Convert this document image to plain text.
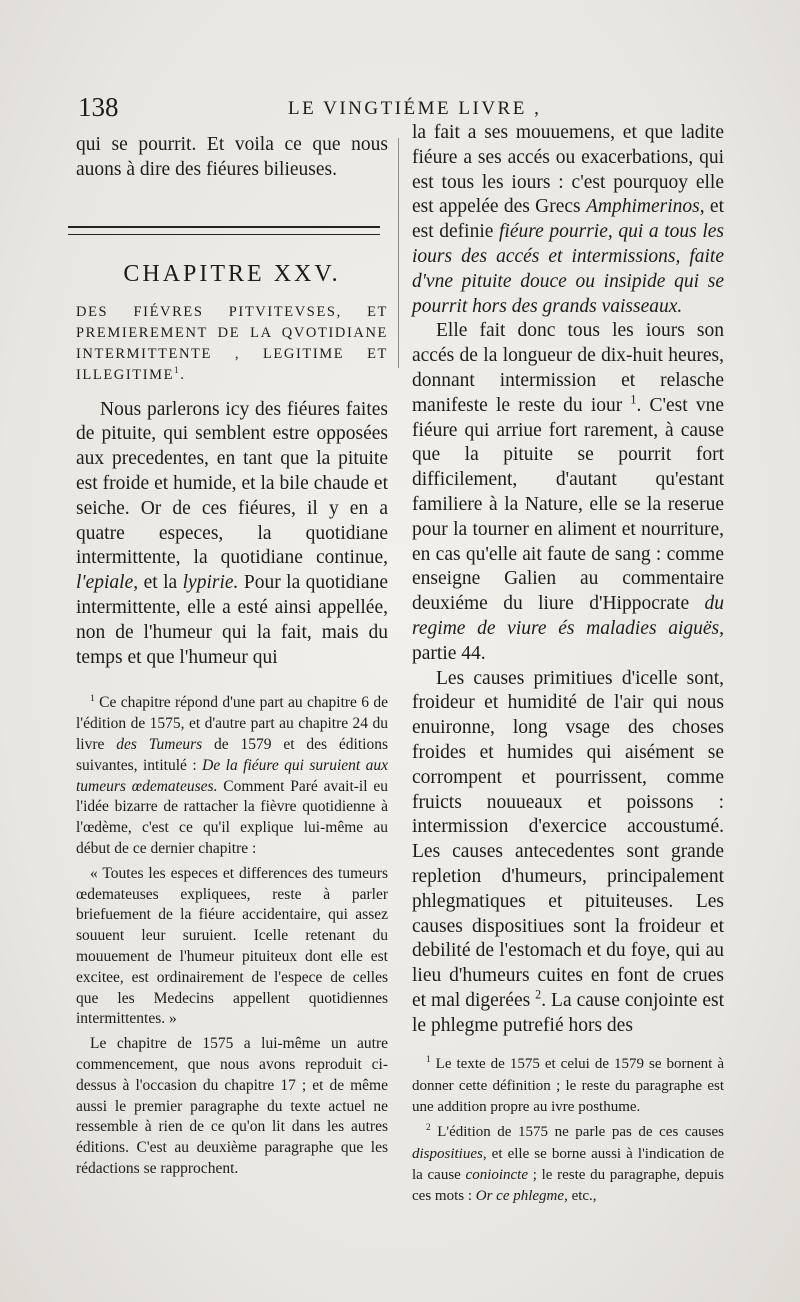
138	LE VINGTIÉME LIVRE ,

qui se pourrit. Et voila ce que nous auons à dire des fiéures bilieuses.

CHAPITRE XXV.

DES FIÉVRES PITVITEVSES, ET PREMIEREMENT DE LA QVOTIDIANE INTERMITTENTE , LEGITIME ET ILLEGITIME$^1$.

Nous parlerons icy des fiéures faites de pituite, qui semblent estre opposées aux precedentes, en tant que la pituite est froide et humide, et la bile chaude et seiche. Or de ces fiéures, il y en a quatre especes, la quotidiane intermittente, la quotidiane continue, l'epiale, et la lypirie. Pour la quotidiane intermittente, elle a esté ainsi appellée, non de l'humeur qui la fait, mais du temps et que l'humeur qui

$^1$ Ce chapitre répond d'une part au chapitre 6 de l'édition de 1575, et d'autre part au chapitre 24 du livre des Tumeurs de 1579 et des éditions suivantes, intitulé : De la fiéure qui suruient aux tumeurs œdemateuses. Comment Paré avait-il eu l'idée bizarre de rattacher la fièvre quotidienne à l'œdème, c'est ce qu'il explique lui-même au début de ce dernier chapitre :

« Toutes les especes et differences des tumeurs œdemateuses expliquees, reste à parler briefuement de la fiéure accidentaire, qui assez souuent leur suruient. Icelle retenant du mouuement de l'humeur pituiteux dont elle est excitee, est ordinairement de l'espece de celles que les Medecins appellent quotidiennes intermittentes. »

Le chapitre de 1575 a lui-même un autre commencement, que nous avons reproduit ci-dessus à l'occasion du chapitre 17 ; et de même aussi le premier paragraphe du texte actuel ne ressemble à rien de ce qu'on lit dans les autres éditions. C'est au deuxième paragraphe que les rédactions se rapprochent.

la fait a ses mouuemens, et que ladite fiéure a ses accés ou exacerbations, qui est tous les iours : c'est pourquoy elle est appelée des Grecs Amphimerinos, et est definie fiéure pourrie, qui a tous les iours des accés et intermissions, faite d'vne pituite douce ou insipide qui se pourrit hors des grands vaisseaux.

Elle fait donc tous les iours son accés de la longueur de dix-huit heures, donnant intermission et relasche manifeste le reste du iour $^1$. C'est vne fiéure qui arriue fort rarement, à cause que la pituite se pourrit fort difficilement, d'autant qu'estant familiere à la Nature, elle se la reserue pour la tourner en aliment et nourriture, en cas qu'elle ait faute de sang : comme enseigne Galien au commentaire deuxiéme du liure d'Hippocrate du regime de viure és maladies aiguës, partie 44.

Les causes primitiues d'icelle sont, froideur et humidité de l'air qui nous enuironne, long vsage des choses froides et humides qui aisément se corrompent et pourrissent, comme fruicts nouueaux et poissons : intermission d'exercice accoustumé. Les causes antecedentes sont grande repletion d'humeurs, principalement phlegmatiques et pituiteuses. Les causes dispositiues sont la froideur et debilité de l'estomach et du foye, qui au lieu d'humeurs cuites en font de crues et mal digerées $^2$. La cause conjointe est le phlegme putrefié hors des

$^1$ Le texte de 1575 et celui de 1579 se bornent à donner cette définition ; le reste du paragraphe est une addition propre au ivre posthume.

$^2$ L'édition de 1575 ne parle pas de ces causes dispositiues, et elle se borne aussi à l'indication de la cause conioincte ; le reste du paragraphe, depuis ces mots : Or ce phlegme, etc.,
